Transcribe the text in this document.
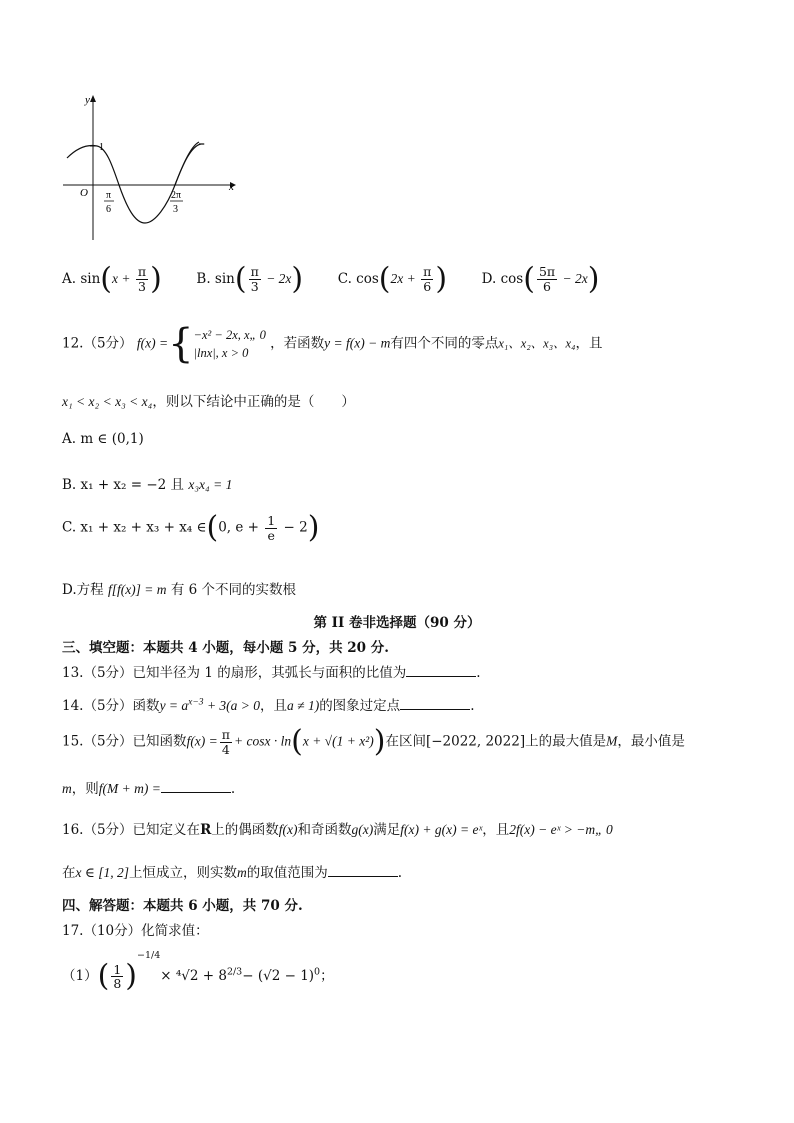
y
x
O
1
π
6
2π
3
A. $\sin(x + \frac{\pi}{3}$ )	B. $\sin( \frac{\pi}{3} - 2x)$	C. $\cos(2x + \frac{\pi}{6}$ )	D. $\cos( \frac{5\pi}{6} - 2x)$
12.（5分） f(x) ={ −x² − 2x, x„ 0
|lnx|, x > 0
，若函数y = f(x) − m有四个不同的零点x₁、x₂、x₃、x₄，且
x₁ < x₂ < x₃ < x₄，则以下结论中正确的是（　　）
A. m ∈ (0,1)
B. x₁ + x₂ = −2 且 x₃x₄ = 1
C. x₁ + x₂ + x₃ + x₄ ∈(0, $e + \frac{1}{e} - 2$)
D.方程 f[f(x)] = m 有 6 个不同的实数根
第 II 卷非选择题（90 分）
三、填空题：本题共 4 小题，每小题 5 分，共 20 分.
13.（5分）已知半径为 1 的扇形，其弧长与面积的比值为	.
14.（5分）函数$y = a^{x-3} + 3(a > 0$，且a ≠ 1)的图象过定点	.
15.（5分）已知函数$f(x) = \frac{\pi}{4} + \cos x \cdot \ln(x + √(1 + x^2))$在区间[−2022, 2022]上的最大值是M，最小值是
m，则f(M + m) =	.
16.（5分）已知定义在R上的偶函数f(x)和奇函数g(x)满足f(x) + g(x) = eˣ，且2f(x) − eˣ > −m„ 0
在x ∈ [1, 2]上恒成立，则实数m的取值范围为	.
四、解答题：本题共 6 小题，共 70 分.
17.（10分）化简求值：
$(1)( \frac{1}{8} )^{-1/4}\times ^4√2 + 8^{2/3}- (√2 - 1)^0$；
